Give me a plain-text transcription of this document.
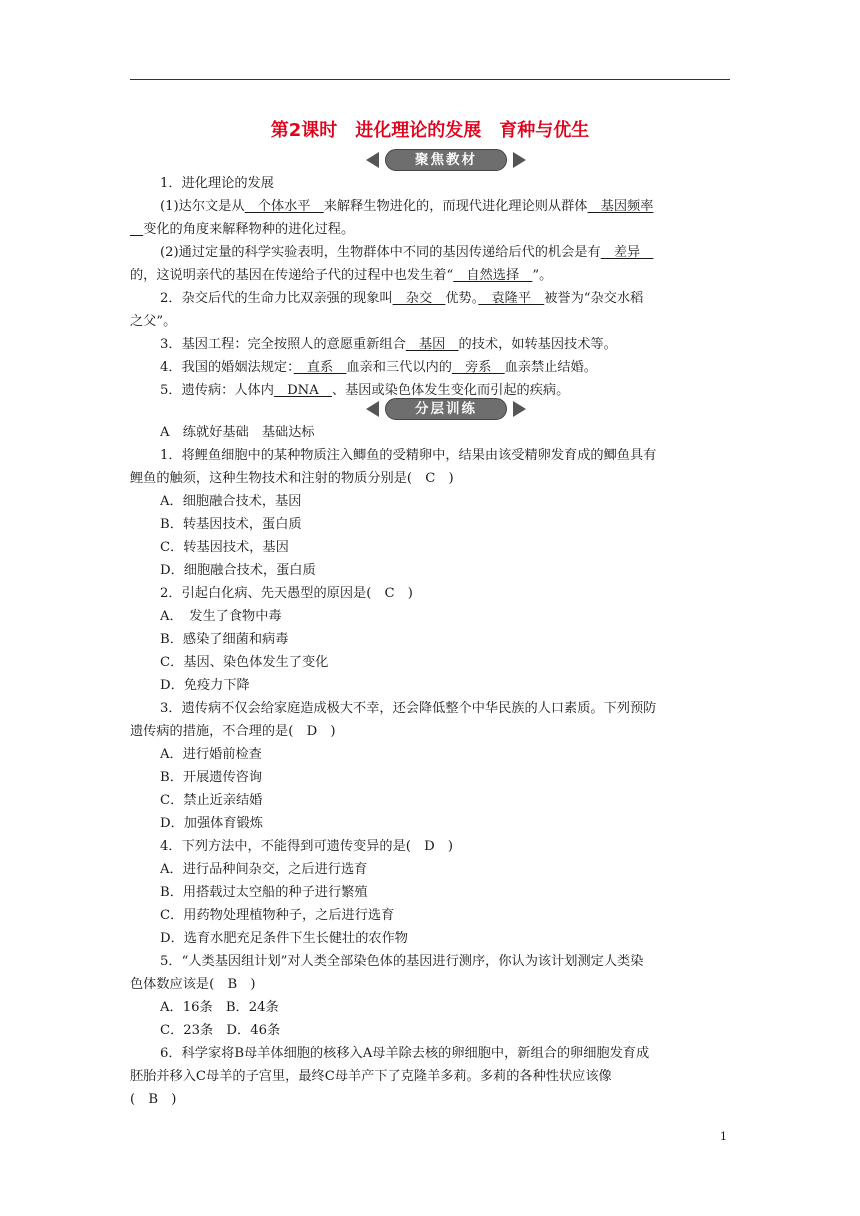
第2课时　进化理论的发展　育种与优生
聚焦教材
1．进化理论的发展
(1)达尔文是从　个体水平　来解释生物进化的，而现代进化理论则从群体　基因频率
　变化的角度来解释物种的进化过程。
(2)通过定量的科学实验表明，生物群体中不同的基因传递给后代的机会是有　差异　
的，这说明亲代的基因在传递给子代的过程中也发生着“　自然选择　”。
2．杂交后代的生命力比双亲强的现象叫　杂交　优势。　袁隆平　被誉为“杂交水稻
之父”。
3．基因工程：完全按照人的意愿重新组合　基因　的技术，如转基因技术等。
4．我国的婚姻法规定：　直系　血亲和三代以内的　旁系　血亲禁止结婚。
5．遗传病：人体内　DNA　、基因或染色体发生变化而引起的疾病。
分层训练
A　练就好基础　基础达标
1．将鲤鱼细胞中的某种物质注入鲫鱼的受精卵中，结果由该受精卵发育成的鲫鱼具有
鲤鱼的触须，这种生物技术和注射的物质分别是(　C　)
A．细胞融合技术，基因
B．转基因技术，蛋白质
C．转基因技术，基因
D．细胞融合技术，蛋白质
2．引起白化病、先天愚型的原因是(　C　)
A．　发生了食物中毒
B．感染了细菌和病毒
C．基因、染色体发生了变化
D．免疫力下降
3．遗传病不仅会给家庭造成极大不幸，还会降低整个中华民族的人口素质。下列预防
遗传病的措施，不合理的是(　D　)
A．进行婚前检查
B．开展遗传咨询
C．禁止近亲结婚
D．加强体育锻炼
4．下列方法中，不能得到可遗传变异的是(　D　)
A．进行品种间杂交，之后进行选育
B．用搭载过太空船的种子进行繁殖
C．用药物处理植物种子，之后进行选育
D．选育水肥充足条件下生长健壮的农作物
5．“人类基因组计划”对人类全部染色体的基因进行测序，你认为该计划测定人类染
色体数应该是(　B　)
A．16条　B．24条
C．23条　D．46条
6．科学家将B母羊体细胞的核移入A母羊除去核的卵细胞中，新组合的卵细胞发育成
胚胎并移入C母羊的子宫里，最终C母羊产下了克隆羊多莉。多莉的各种性状应该像
(　B　)
1
